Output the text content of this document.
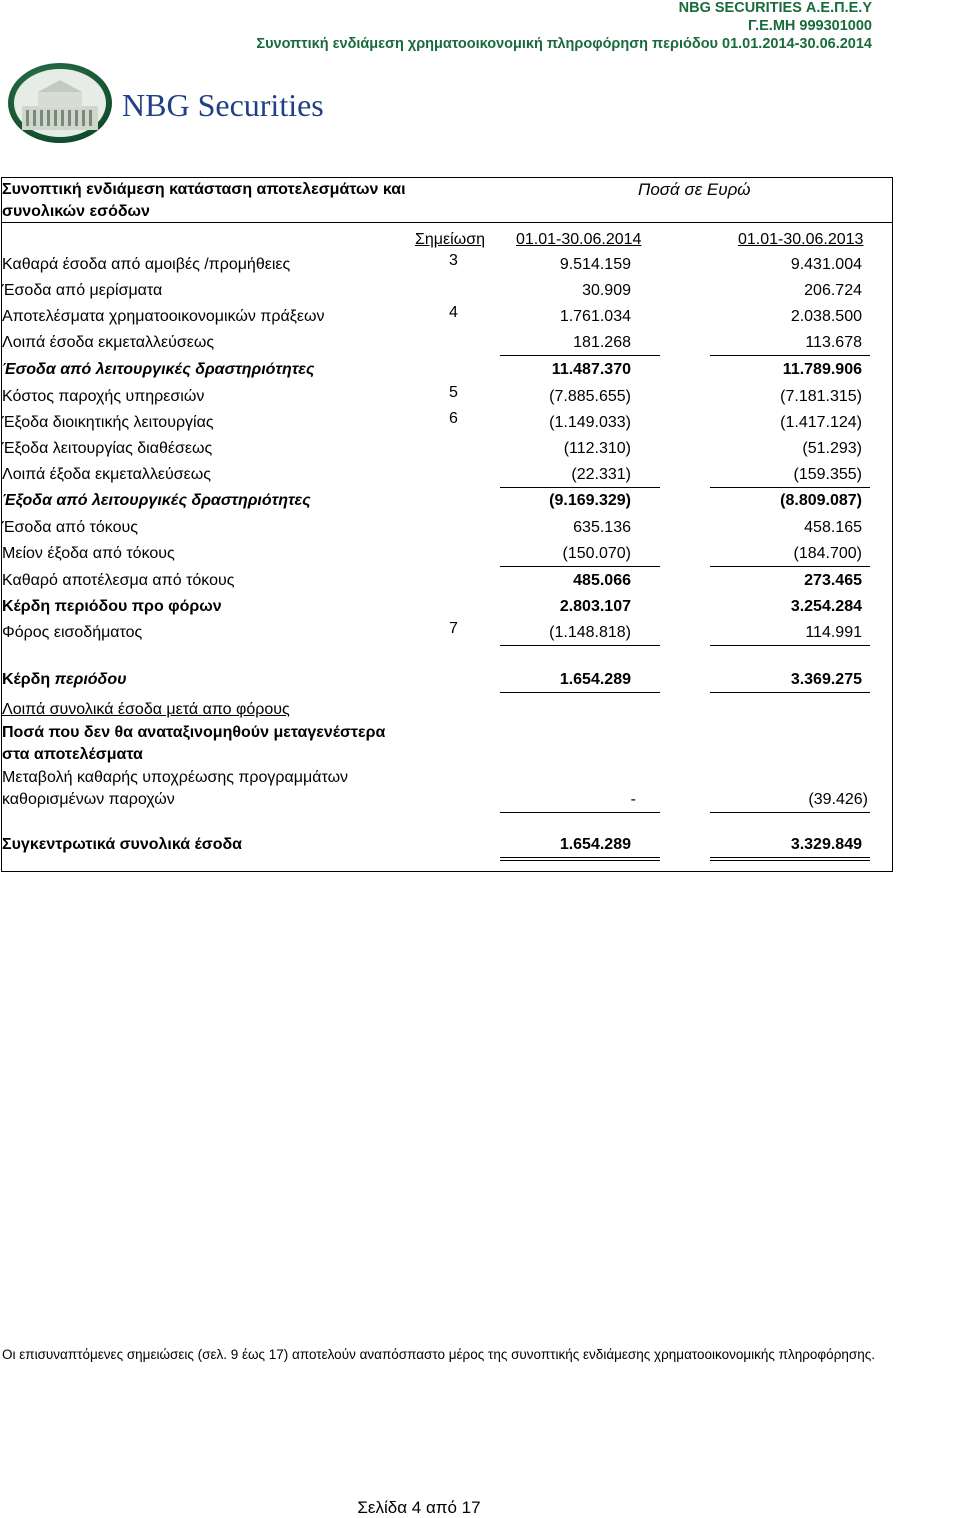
NBG SECURITIES Α.Ε.Π.Ε.Υ
Γ.Ε.ΜΗ 999301000
Συνοπτική ενδιάμεση χρηματοοικονομική πληροφόρηση περιόδου 01.01.2014-30.06.2014
NBG Securities
Συνοπτική ενδιάμεση κατάσταση αποτελεσμάτων και
συνολικών εσόδων
Ποσά σε Ευρώ
Σημείωση 01.01-30.06.2014	01.01-30.06.2013
Καθαρά έσοδα από αμοιβές /προμήθειες	3	9.514.159	9.431.004
Έσοδα από μερίσματα	30.909	206.724
Αποτελέσματα χρηματοοικονομικών πράξεων	4	1.761.034	2.038.500
Λοιπά έσοδα εκμεταλλεύσεως	181.268	113.678
Έσοδα από λειτουργικές δραστηριότητες	11.487.370	11.789.906
Κόστος παροχής υπηρεσιών	5	(7.885.655)	(7.181.315)
Έξοδα διοικητικής λειτουργίας	6	(1.149.033)	(1.417.124)
Έξοδα λειτουργίας διαθέσεως	(112.310)	(51.293)
Λοιπά έξοδα εκμεταλλεύσεως	(22.331)	(159.355)
Έξοδα από λειτουργικές δραστηριότητες	(9.169.329)	(8.809.087)
Έσοδα από τόκους	635.136	458.165
Μείον έξοδα από τόκους	(150.070)	(184.700)
Καθαρό αποτέλεσμα από τόκους	485.066	273.465
Κέρδη περιόδου προ φόρων	2.803.107	3.254.284
Φόρος εισοδήματος	7	(1.148.818)	114.991
Κέρδη περιόδου	1.654.289	3.369.275
Λοιπά συνολικά έσοδα μετά απο φόρους
Ποσά που δεν θα αναταξινομηθούν μεταγενέστερα
στα αποτελέσματα
Μεταβολή καθαρής υποχρέωσης προγραμμάτων
καθορισμένων παροχών	-	(39.426)
Συγκεντρωτικά συνολικά έσοδα	1.654.289	3.329.849
Οι επισυναπτόμενες σημειώσεις (σελ. 9 έως 17) αποτελούν αναπόσπαστο μέρος της συνοπτικής ενδιάμεσης χρηματοοικονομικής πληροφόρησης.
Σελίδα 4 από 17
